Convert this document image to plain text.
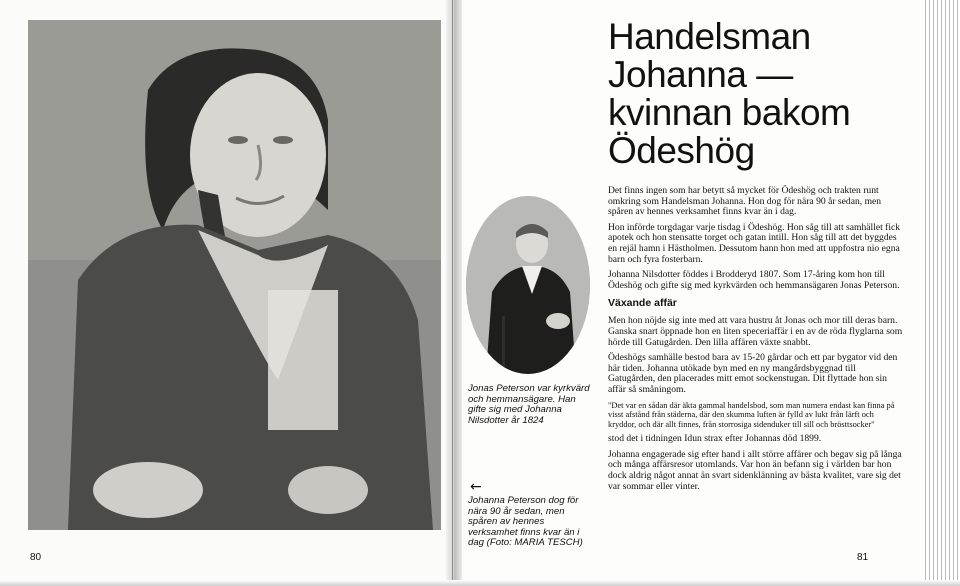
Jonas Peterson var kyrkvärd och hemmansägare. Han gifte sig med Johanna Nilsdotter år 1824
←
Johanna Peterson dog för nära 90 år sedan, men spåren av hennes verksamhet finns kvar än i dag (Foto: MARIA TESCH)
80	81
Handelsman
Johanna —
kvinnan bakom
Ödeshög

Det finns ingen som har betytt så mycket för Ödeshög och trakten runt omkring som Handelsman Johanna. Hon dog för nära 90 år sedan, men spåren av hennes verksamhet finns kvar än i dag.

Hon införde torgdagar varje tisdag i Ödeshög. Hon såg till att samhället fick apotek och hon stensatte torget och gatan intill. Hon såg till att det byggdes en rejäl hamn i Hästholmen. Dessutom hann hon med att uppfostra nio egna barn och fyra fosterbarn.

Johanna Nilsdotter föddes i Brodderyd 1807. Som 17-åring kom hon till Ödeshög och gifte sig med kyrkvärden och hemmansägaren Jonas Peterson.

Växande affär

Men hon nöjde sig inte med att vara hustru åt Jonas och mor till deras barn. Ganska snart öppnade hon en liten speceriaffär i en av de röda flyglarna som hörde till Gatugården. Den lilla affären växte snabbt.

Ödeshögs samhälle bestod bara av 15-20 gårdar och ett par bygator vid den här tiden. Johanna utökade byn med en ny mangårdsbyggnad till Gatugården, den placerades mitt emot sockenstugan. Dit flyttade hon sin affär så småningom.

"Det var en sådan där äkta gammal handelsbod, som man numera endast kan finna på visst afstånd från städerna, där den skumma luften är fylld av lukt från lärft och kryddor, och där allt finnes, från storrosiga sidenduker till sill och brösttsocker"

stod det i tidningen Idun strax efter Johannas död 1899.

Johanna engagerade sig efter hand i allt större affärer och begav sig på långa och många affärsresor utomlands. Var hon än befann sig i världen bar hon dock aldrig något annat än svart sidenklänning av bästa kvalitet, vare sig det var sommar eller vinter.
